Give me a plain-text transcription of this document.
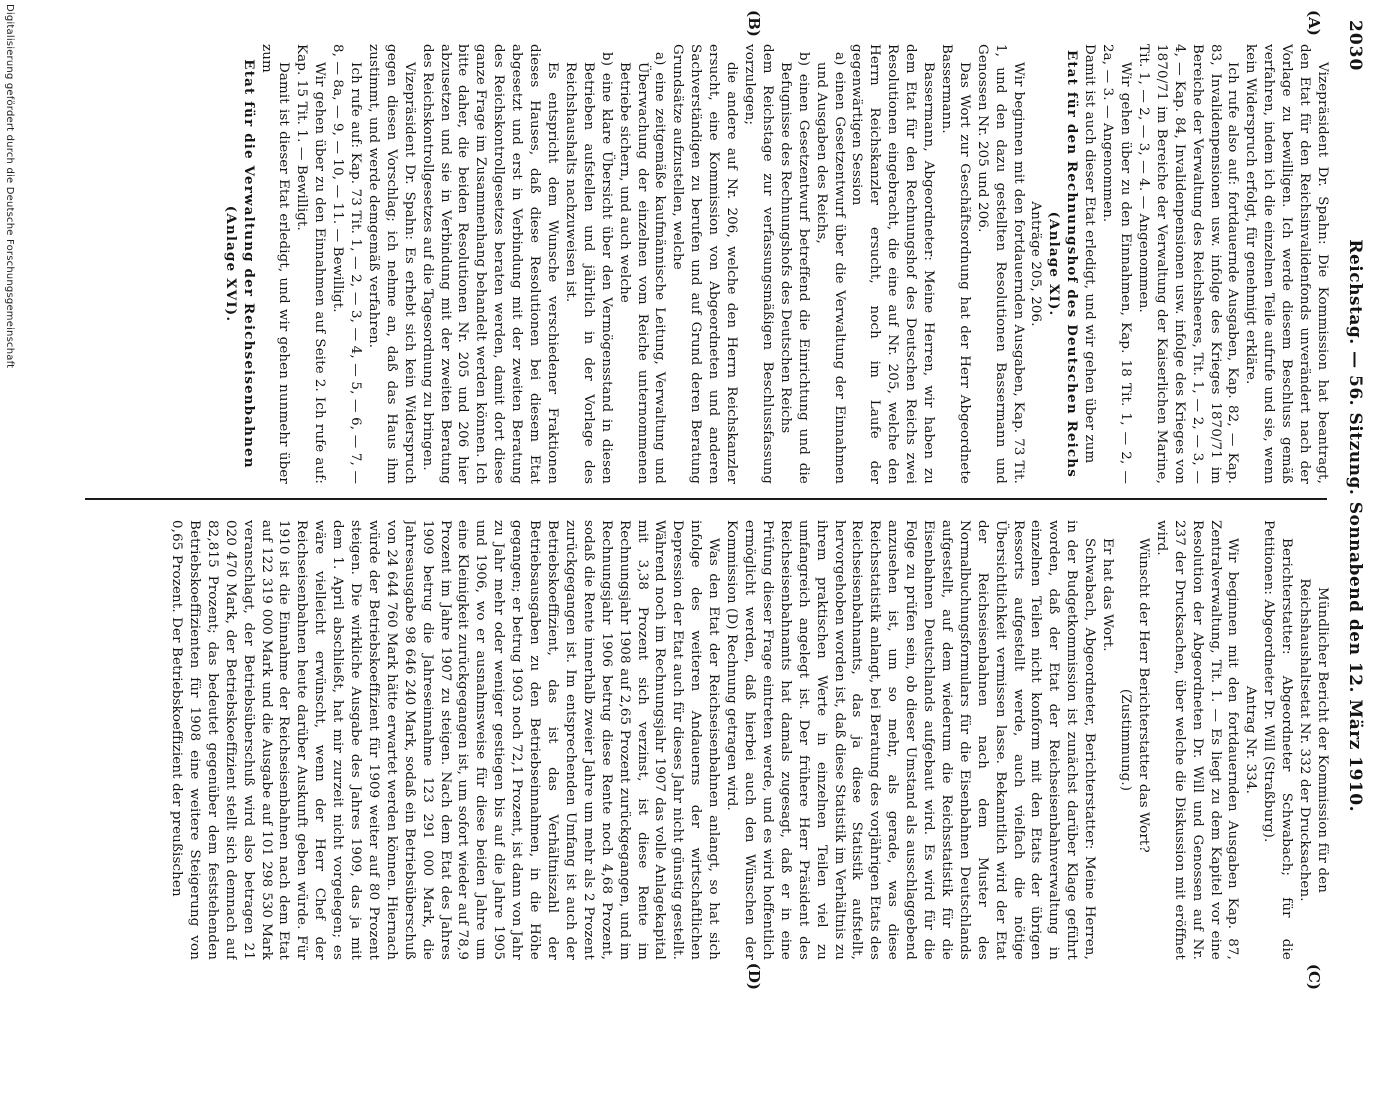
2030
Reichstag. — 56. Sitzung. Sonnabend den 12. März 1910.
(A)
(B)
(C)
(D)

Vizepräsident Dr. Spahn: Die Kommission hat beantragt, den Etat für den Reichsinvalidenfonds unverändert nach der Vorlage zu bewilligen. Ich werde diesem Beschluss gemäß verfahren, indem ich die einzelnen Teile aufrufe und sie, wenn kein Widerspruch erfolgt, für genehmigt erkläre.

Ich rufe also auf: fortdauernde Ausgaben, Kap. 82, — Kap. 83, Invalidenpensionen usw. infolge des Krieges 1870/71 im Bereiche der Verwaltung des Reichsheeres, Tit. 1, — 2, — 3, — 4, — Kap. 84, Invalidenpensionen usw. infolge des Krieges von 1870/71 im Bereiche der Verwaltung der Kaiserlichen Marine, Tit. 1, — 2, — 3, — 4. — Angenommen.

Wir gehen über zu den Einnahmen, Kap. 18 Tit. 1, — 2, — 2a, — 3. — Angenommen.

Damit ist auch dieser Etat erledigt, und wir gehen über zum

Etat für den Rechnungshof des Deutschen Reichs (Anlage XI).

Anträge 205, 206.

Wir beginnen mit den fortdauernden Ausgaben, Kap. 73 Tit. 1, und den dazu gestellten Resolutionen Bassermann und Genossen Nr. 205 und 206.

Das Wort zur Geschäftsordnung hat der Herr Abgeordnete Bassermann.

Bassermann, Abgeordneter: Meine Herren, wir haben zu dem Etat für den Rechnungshof des Deutschen Reichs zwei Resolutionen eingebracht, die eine auf Nr. 205, welche den Herrn Reichskanzler ersucht, noch im Laufe der gegenwärtigen Session

a) einen Gesetzentwurf über die Verwaltung der Einnahmen und Ausgaben des Reichs,

b) einen Gesetzentwurf betreffend die Einrichtung und die Befugnisse des Rechnungshofs des Deutschen Reichs

dem Reichstage zur verfassungsmäßigen Beschlussfassung vorzulegen;

die andere auf Nr. 206, welche den Herrn Reichskanzler ersucht, eine Kommission von Abgeordneten und anderen Sachverständigen zu berufen und auf Grund deren Beratung Grundsätze aufzustellen, welche

a) eine zeitgemäße kaufmännische Leitung, Verwaltung und Überwachung der einzelnen vom Reiche unternommenen Betriebe sichern, und auch welche

b) eine klare Übersicht über den Vermögensstand in diesen Betrieben aufstellen und jährlich in der Vorlage des Reichshaushalts nachzuweisen ist.

Es entspricht dem Wunsche verschiedener Fraktionen dieses Hauses, daß diese Resolutionen bei diesem Etat abgesetzt und erst in Verbindung mit der zweiten Beratung des Reichskontrollgesetzes beraten werden, damit dort diese ganze Frage im Zusammenhang behandelt werden können. Ich bitte daher, die beiden Resolutionen Nr. 205 und 206 hier abzusetzen und sie in Verbindung mit der zweiten Beratung des Reichskontrollgesetzes auf die Tagesordnung zu bringen.

Vizepräsident Dr. Spahn: Es erhebt sich kein Widerspruch gegen diesen Vorschlag; ich nehme an, daß das Haus ihm zustimmt, und werde demgemäß verfahren.

Ich rufe auf: Kap. 73 Tit. 1, — 2, — 3, — 4, — 5, — 6, — 7, — 8, — 8a, — 9, — 10, — 11. — Bewilligt.

Wir gehen über zu den Einnahmen auf Seite 2. Ich rufe auf: Kap. 15 Tit. 1. — Bewilligt.

Damit ist dieser Etat erledigt, und wir gehen nunmehr über zum

Etat für die Verwaltung der Reichseisenbahnen (Anlage XVI).

Mündlicher Bericht der Kommission für den Reichshaushaltsetat Nr. 332 der Drucksachen.

Berichterstatter: Abgeordneter Schwabach; für die Petitionen: Abgeordneter Dr. Will (Straßburg).

Antrag Nr. 334.

Wir beginnen mit den fortdauernden Ausgaben Kap. 87, Zentralverwaltung, Tit. 1. — Es liegt zu dem Kapitel vor eine Resolution der Abgeordneten Dr. Will und Genossen auf Nr. 237 der Drucksachen, über welche die Diskussion mit eröffnet wird.

Wünscht der Herr Berichterstatter das Wort?

(Zustimmung.)

Er hat das Wort.

Schwabach, Abgeordneter, Berichterstatter: Meine Herren, in der Budgetkommission ist zunächst darüber Klage geführt worden, daß der Etat der Reichseisenbahnverwaltung in einzelnen Teilen nicht konform mit den Etats der übrigen Ressorts aufgestellt werde, auch vielfach die nötige Übersichtlichkeit vermissen lasse. Bekanntlich wird der Etat der Reichseisenbahnen nach dem Muster des Normalbuchungsformulars für die Eisenbahnen Deutschlands aufgestellt, auf dem wiederum die Reichsstatistik für die Eisenbahnen Deutschlands aufgebaut wird. Es wird für die Folge zu prüfen sein, ob dieser Umstand als ausschlaggebend anzusehen ist, um so mehr, als gerade, was diese Reichsstatistik anlangt, bei Beratung des vorjährigen Etats des Reichseisenbahnamts, das ja diese Statistik aufstellt, hervorgehoben worden ist, daß diese Statistik im Verhältnis zu ihrem praktischen Werte in einzelnen Teilen viel zu umfangreich angelegt ist. Der frühere Herr Präsident des Reichseisenbahnamts hat damals zugesagt, daß er in eine Prüfung dieser Frage eintreten werde, und es wird hoffentlich ermöglicht werden, daß hierbei auch den Wünschen der Kommission (D) Rechnung getragen wird.

Was den Etat der Reichseisenbahnen anlangt, so hat sich infolge des weiteren Andauerns der wirtschaftlichen Depression der Etat auch für dieses Jahr nicht günstig gestellt. Während noch im Rechnungsjahr 1907 das volle Anlagekapital mit 3,38 Prozent sich verzinst, ist diese Rente im Rechnungsjahr 1908 auf 2,65 Prozent zurückgegangen, und im Rechnungsjahr 1906 betrug diese Rente noch 4,68 Prozent, sodaß die Rente innerhalb zweier Jahre um mehr als 2 Prozent zurückgegangen ist. Im entsprechenden Umfang ist auch der Betriebskoeffizient, das ist das Verhältniszahl der Betriebsausgaben zu den Betriebseinnahmen, in die Höhe gegangen; er betrug 1903 noch 72,1 Prozent, ist dann von Jahr zu Jahr mehr oder weniger gestiegen bis auf die Jahre 1905 und 1906, wo er ausnahmsweise für diese beiden Jahre um eine Kleinigkeit zurückgegangen ist, um sofort wieder auf 78,9 Prozent im Jahre 1907 zu steigen. Nach dem Etat des Jahres 1909 betrug die Jahreseinnahme 123 291 000 Mark, die Jahresausgabe 98 646 240 Mark, sodaß ein Betriebsüberschuß von 24 644 760 Mark hätte erwartet werden können. Hiernach würde der Betriebskoeffizient für 1909 weiter auf 80 Prozent steigen. Die wirkliche Ausgabe des Jahres 1909, das ja mit dem 1. April abschließt, hat mir zurzeit nicht vorgelegen; es wäre vielleicht erwünscht, wenn der Herr Chef der Reichseisenbahnen heute darüber Auskunft geben würde. Für 1910 ist die Einnahme der Reichseisenbahnen nach dem Etat auf 122 319 000 Mark und die Ausgabe auf 101 298 530 Mark veranschlagt, der Betriebsüberschuß wird also betragen 21 020 470 Mark, der Betriebskoeffizient stellt sich demnach auf 82,815 Prozent; das bedeutet gegenüber dem feststehenden Betriebskoeffizienten für 1908 eine weitere Steigerung von 0,65 Prozent. Der Betriebskoeffizient der preußischen

Digitalisierung gefördert durch die Deutsche Forschungsgemeinschaft
